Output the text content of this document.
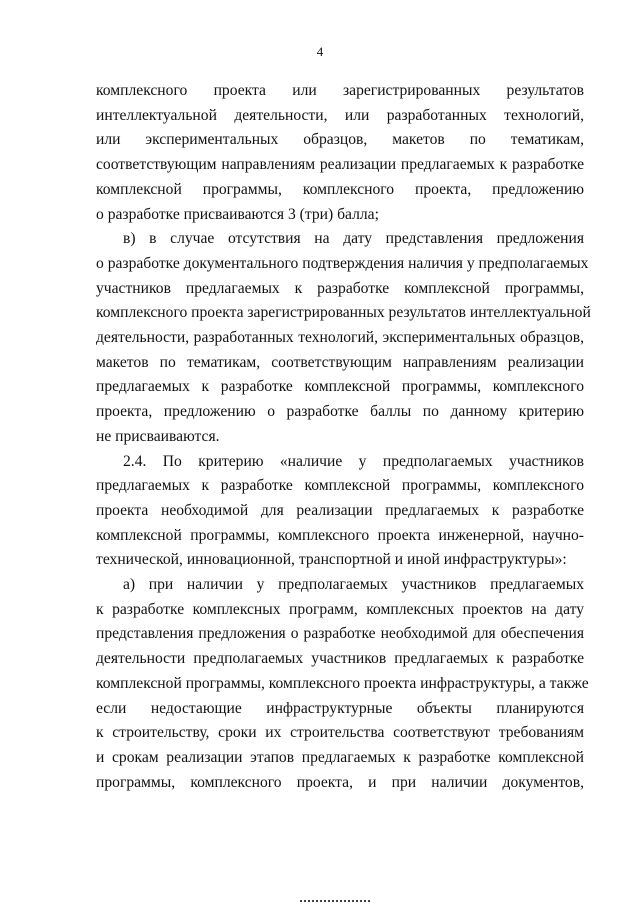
4

комплексного проекта или зарегистрированных результатов
интеллектуальной деятельности, или разработанных технологий,
или экспериментальных образцов, макетов по тематикам,
соответствующим направлениям реализации предлагаемых к разработке
комплексной программы, комплексного проекта, предложению
о разработке присваиваются 3 (три) балла;

в) в случае отсутствия на дату представления предложения
о разработке документального подтверждения наличия у предполагаемых
участников предлагаемых к разработке комплексной программы,
комплексного проекта зарегистрированных результатов интеллектуальной
деятельности, разработанных технологий, экспериментальных образцов,
макетов по тематикам, соответствующим направлениям реализации
предлагаемых к разработке комплексной программы, комплексного
проекта, предложению о разработке баллы по данному критерию
не присваиваются.

2.4. По критерию «наличие у предполагаемых участников
предлагаемых к разработке комплексной программы, комплексного
проекта необходимой для реализации предлагаемых к разработке
комплексной программы, комплексного проекта инженерной, научно-
технической, инновационной, транспортной и иной инфраструктуры»:

а) при наличии у предполагаемых участников предлагаемых
к разработке комплексных программ, комплексных проектов на дату
представления предложения о разработке необходимой для обеспечения
деятельности предполагаемых участников предлагаемых к разработке
комплексной программы, комплексного проекта инфраструктуры, а также
если недостающие инфраструктурные объекты планируются
к строительству, сроки их строительства соответствуют требованиям
и срокам реализации этапов предлагаемых к разработке комплексной
программы, комплексного проекта, и при наличии документов,
